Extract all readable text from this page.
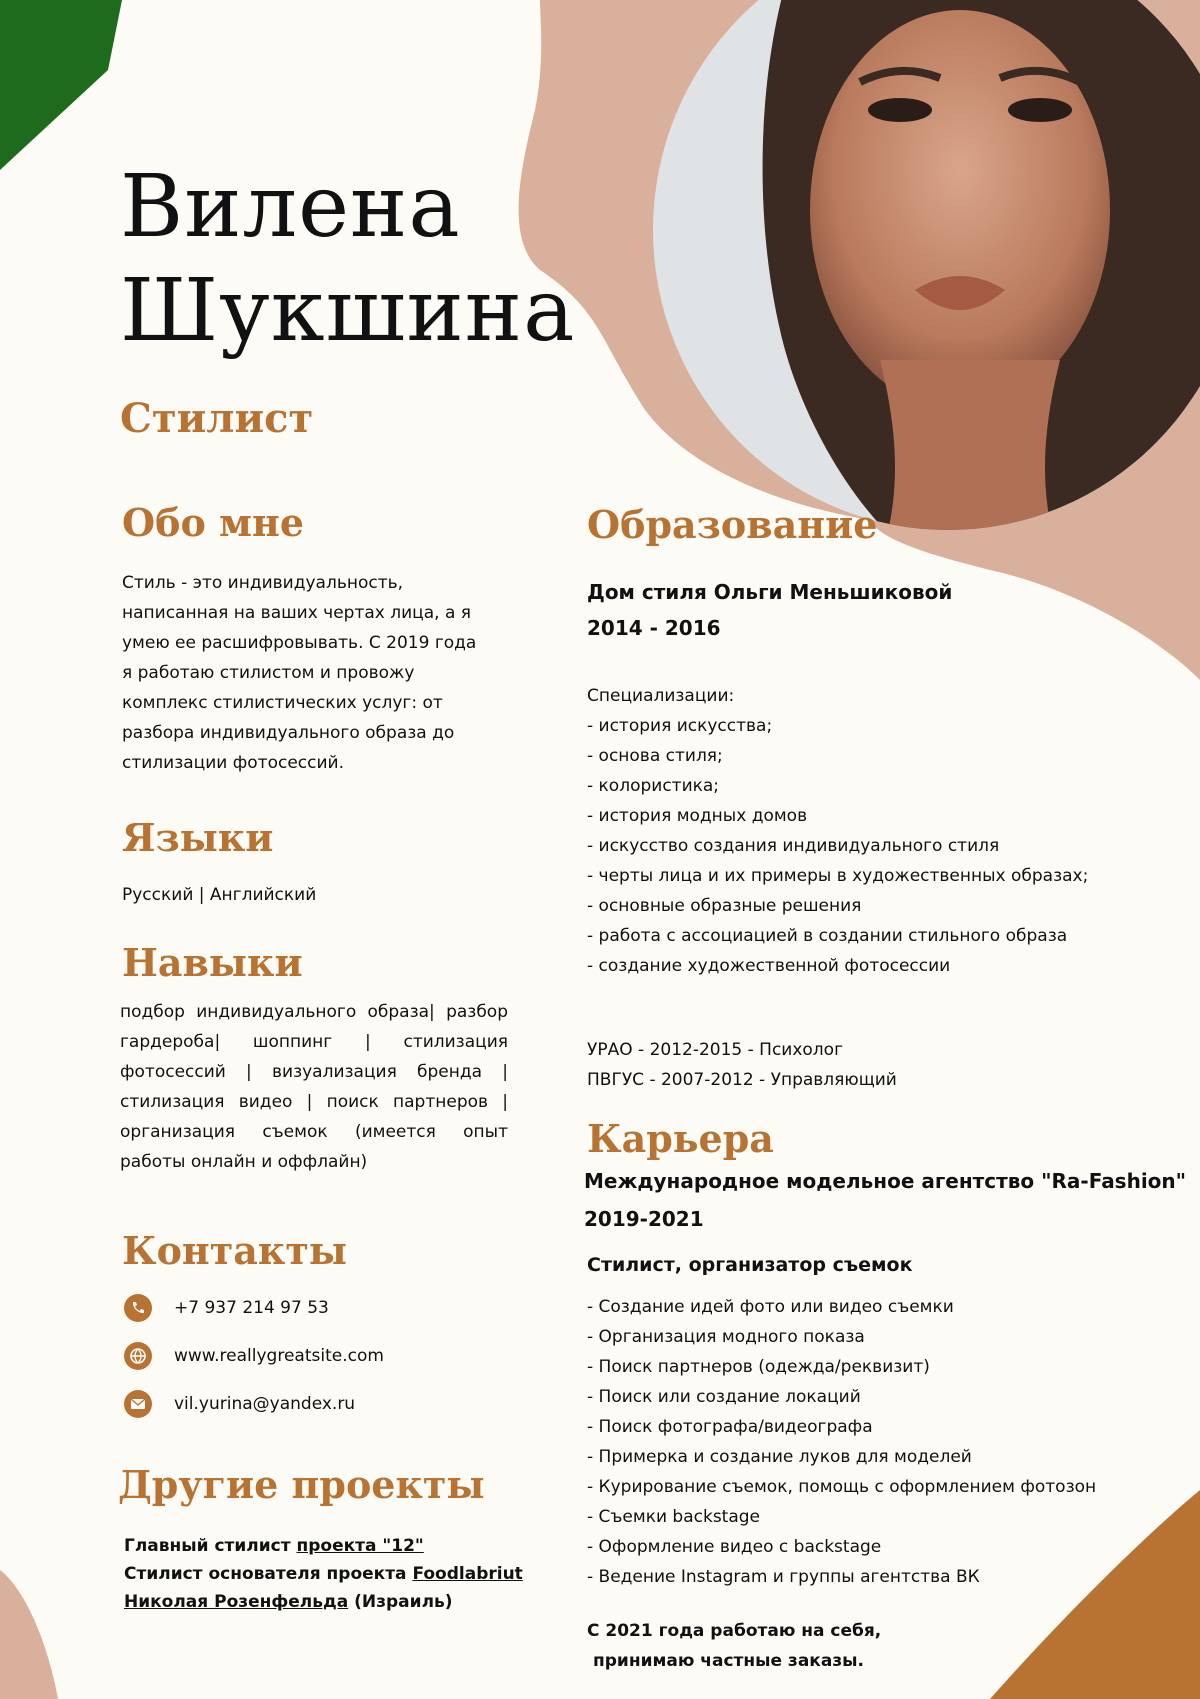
Вилена
Шукшина
Стилист
Обо мне
Стиль - это индивидуальность, написанная на ваших чертах лица, а я умею ее расшифровывать. С 2019 года я работаю стилистом и провожу комплекс стилистических услуг: от разбора индивидуального образа до стилизации фотосессий.
Языки
Русский | Английский
Навыки
подбор индивидуального образа| разбор гардероба| шоппинг | стилизация фотосессий | визуализация бренда | стилизация видео | поиск партнеров | организация съемок (имеется опыт работы онлайн и оффлайн)
Контакты
+7 937 214 97 53
www.reallygreatsite.com
vil.yurina@yandex.ru
Другие проекты
Главный стилист проекта "12"
Стилист основателя проекта Foodlabriut
Николая Розенфельда (Израиль)
Образование
Дом стиля Ольги Меньшиковой
2014 - 2016
Специализации:
- история искусства;
- основа стиля;
- колористика;
- история модных домов
- искусство создания индивидуального стиля
- черты лица и их примеры в художественных образах;
- основные образные решения
- работа с ассоциацией в создании стильного образа
- создание художественной фотосессии
УРАО - 2012-2015 - Психолог
ПВГУС - 2007-2012 - Управляющий
Карьера
Международное модельное агентство "Ra-Fashion"
2019-2021
Стилист, организатор съемок
- Создание идей фото или видео съемки
- Организация модного показа
- Поиск партнеров (одежда/реквизит)
- Поиск или создание локаций
- Поиск фотографа/видеографа
- Примерка и создание луков для моделей
- Курирование съемок, помощь с оформлением фотозон
- Съемки backstage
- Оформление видео с backstage
- Ведение Instagram и группы агентства ВК
С 2021 года работаю на себя,
принимаю частные заказы.
